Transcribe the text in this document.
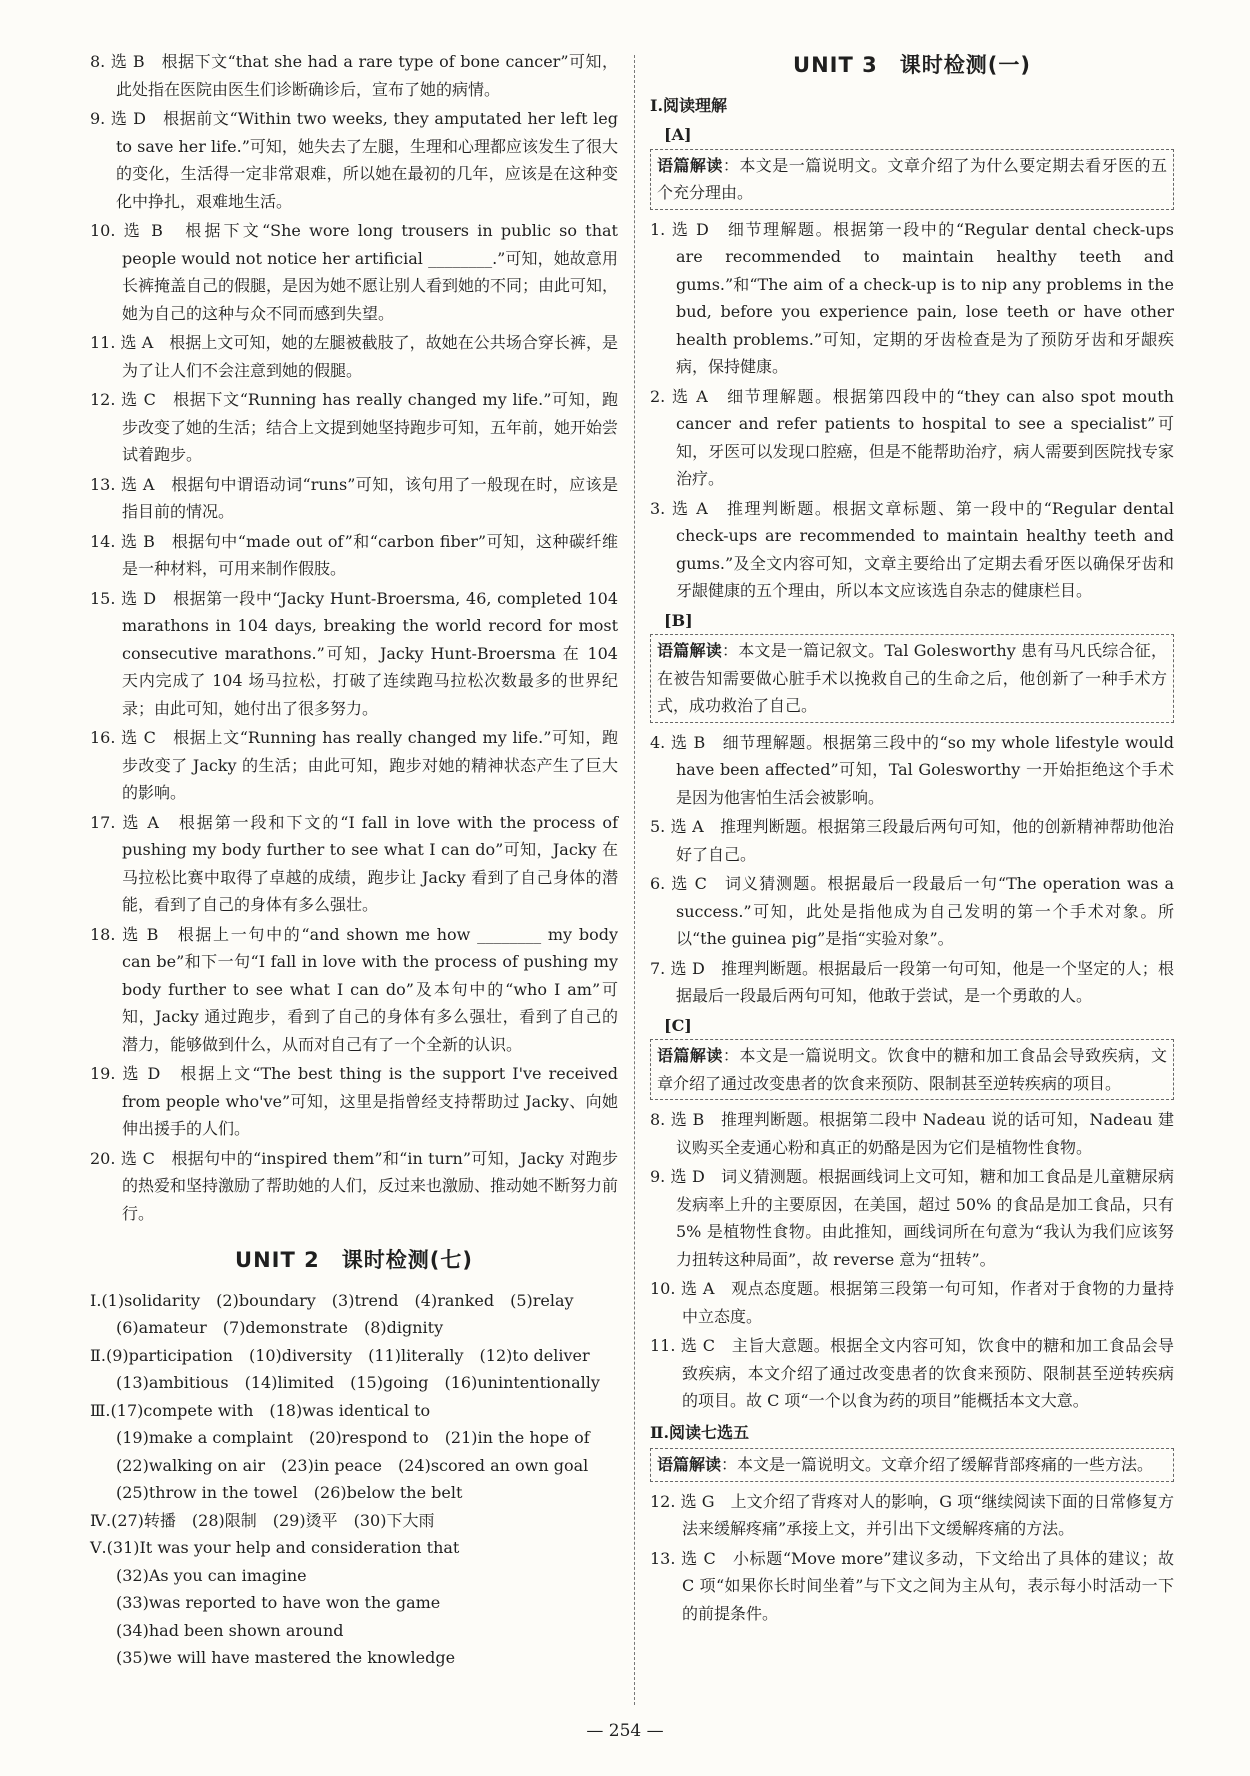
8. 选 B　根据下文“that she had a rare type of bone cancer”可知，此处指在医院由医生们诊断确诊后，宣布了她的病情。

9. 选 D　根据前文“Within two weeks, they amputated her left leg to save her life.”可知，她失去了左腿，生理和心理都应该发生了很大的变化，生活得一定非常艰难，所以她在最初的几年，应该是在这种变化中挣扎，艰难地生活。

10. 选 B　根据下文“She wore long trousers in public so that people would not notice her artificial ________.”可知，她故意用长裤掩盖自己的假腿，是因为她不愿让别人看到她的不同；由此可知，她为自己的这种与众不同而感到失望。

11. 选 A　根据上文可知，她的左腿被截肢了，故她在公共场合穿长裤，是为了让人们不会注意到她的假腿。

12. 选 C　根据下文“Running has really changed my life.”可知，跑步改变了她的生活；结合上文提到她坚持跑步可知，五年前，她开始尝试着跑步。

13. 选 A　根据句中谓语动词“runs”可知，该句用了一般现在时，应该是指目前的情况。

14. 选 B　根据句中“made out of”和“carbon fiber”可知，这种碳纤维是一种材料，可用来制作假肢。

15. 选 D　根据第一段中“Jacky Hunt-Broersma, 46, completed 104 marathons in 104 days, breaking the world record for most consecutive marathons.”可知，Jacky Hunt-Broersma 在 104 天内完成了 104 场马拉松，打破了连续跑马拉松次数最多的世界纪录；由此可知，她付出了很多努力。

16. 选 C　根据上文“Running has really changed my life.”可知，跑步改变了 Jacky 的生活；由此可知，跑步对她的精神状态产生了巨大的影响。

17. 选 A　根据第一段和下文的“I fall in love with the process of pushing my body further to see what I can do”可知，Jacky 在马拉松比赛中取得了卓越的成绩，跑步让 Jacky 看到了自己身体的潜能，看到了自己的身体有多么强壮。

18. 选 B　根据上一句中的“and shown me how ________ my body can be”和下一句“I fall in love with the process of pushing my body further to see what I can do”及本句中的“who I am”可知，Jacky 通过跑步，看到了自己的身体有多么强壮，看到了自己的潜力，能够做到什么，从而对自己有了一个全新的认识。

19. 选 D　根据上文“The best thing is the support I've received from people who've”可知，这里是指曾经支持帮助过 Jacky、向她伸出援手的人们。

20. 选 C　根据句中的“inspired them”和“in turn”可知，Jacky 对跑步的热爱和坚持激励了帮助她的人们，反过来也激励、推动她不断努力前行。

UNIT 2　课时检测(七)
Ⅰ.(1)solidarity　(2)boundary　(3)trend　(4)ranked　(5)relay
(6)amateur　(7)demonstrate　(8)dignity
Ⅱ.(9)participation　(10)diversity　(11)literally　(12)to deliver
(13)ambitious　(14)limited　(15)going　(16)unintentionally
Ⅲ.(17)compete with　(18)was identical to
(19)make a complaint　(20)respond to　(21)in the hope of
(22)walking on air　(23)in peace　(24)scored an own goal
(25)throw in the towel　(26)below the belt
Ⅳ.(27)转播　(28)限制　(29)烫平　(30)下大雨
Ⅴ.(31)It was your help and consideration that
(32)As you can imagine
(33)was reported to have won the game
(34)had been shown around
(35)we will have mastered the knowledge
UNIT 3　课时检测(一)
Ⅰ.阅读理解
[A]
语篇解读：本文是一篇说明文。文章介绍了为什么要定期去看牙医的五个充分理由。

1. 选 D　细节理解题。根据第一段中的“Regular dental check-ups are recommended to maintain healthy teeth and gums.”和“The aim of a check-up is to nip any problems in the bud, before you experience pain, lose teeth or have other health problems.”可知，定期的牙齿检查是为了预防牙齿和牙龈疾病，保持健康。

2. 选 A　细节理解题。根据第四段中的“they can also spot mouth cancer and refer patients to hospital to see a specialist”可知，牙医可以发现口腔癌，但是不能帮助治疗，病人需要到医院找专家治疗。

3. 选 A　推理判断题。根据文章标题、第一段中的“Regular dental check-ups are recommended to maintain healthy teeth and gums.”及全文内容可知，文章主要给出了定期去看牙医以确保牙齿和牙龈健康的五个理由，所以本文应该选自杂志的健康栏目。

[B]
语篇解读：本文是一篇记叙文。Tal Golesworthy 患有马凡氏综合征，在被告知需要做心脏手术以挽救自己的生命之后，他创新了一种手术方式，成功救治了自己。

4. 选 B　细节理解题。根据第三段中的“so my whole lifestyle would have been affected”可知，Tal Golesworthy 一开始拒绝这个手术是因为他害怕生活会被影响。

5. 选 A　推理判断题。根据第三段最后两句可知，他的创新精神帮助他治好了自己。

6. 选 C　词义猜测题。根据最后一段最后一句“The operation was a success.”可知，此处是指他成为自己发明的第一个手术对象。所以“the guinea pig”是指“实验对象”。

7. 选 D　推理判断题。根据最后一段第一句可知，他是一个坚定的人；根据最后一段最后两句可知，他敢于尝试，是一个勇敢的人。

[C]
语篇解读：本文是一篇说明文。饮食中的糖和加工食品会导致疾病，文章介绍了通过改变患者的饮食来预防、限制甚至逆转疾病的项目。

8. 选 B　推理判断题。根据第二段中 Nadeau 说的话可知，Nadeau 建议购买全麦通心粉和真正的奶酪是因为它们是植物性食物。

9. 选 D　词义猜测题。根据画线词上文可知，糖和加工食品是儿童糖尿病发病率上升的主要原因，在美国，超过 50% 的食品是加工食品，只有 5% 是植物性食物。由此推知，画线词所在句意为“我认为我们应该努力扭转这种局面”，故 reverse 意为“扭转”。

10. 选 A　观点态度题。根据第三段第一句可知，作者对于食物的力量持中立态度。

11. 选 C　主旨大意题。根据全文内容可知，饮食中的糖和加工食品会导致疾病，本文介绍了通过改变患者的饮食来预防、限制甚至逆转疾病的项目。故 C 项“一个以食为药的项目”能概括本文大意。

Ⅱ.阅读七选五
语篇解读：本文是一篇说明文。文章介绍了缓解背部疼痛的一些方法。

12. 选 G　上文介绍了背疼对人的影响，G 项“继续阅读下面的日常修复方法来缓解疼痛”承接上文，并引出下文缓解疼痛的方法。

13. 选 C　小标题“Move more”建议多动，下文给出了具体的建议；故 C 项“如果你长时间坐着”与下文之间为主从句，表示每小时活动一下的前提条件。

— 254 —
